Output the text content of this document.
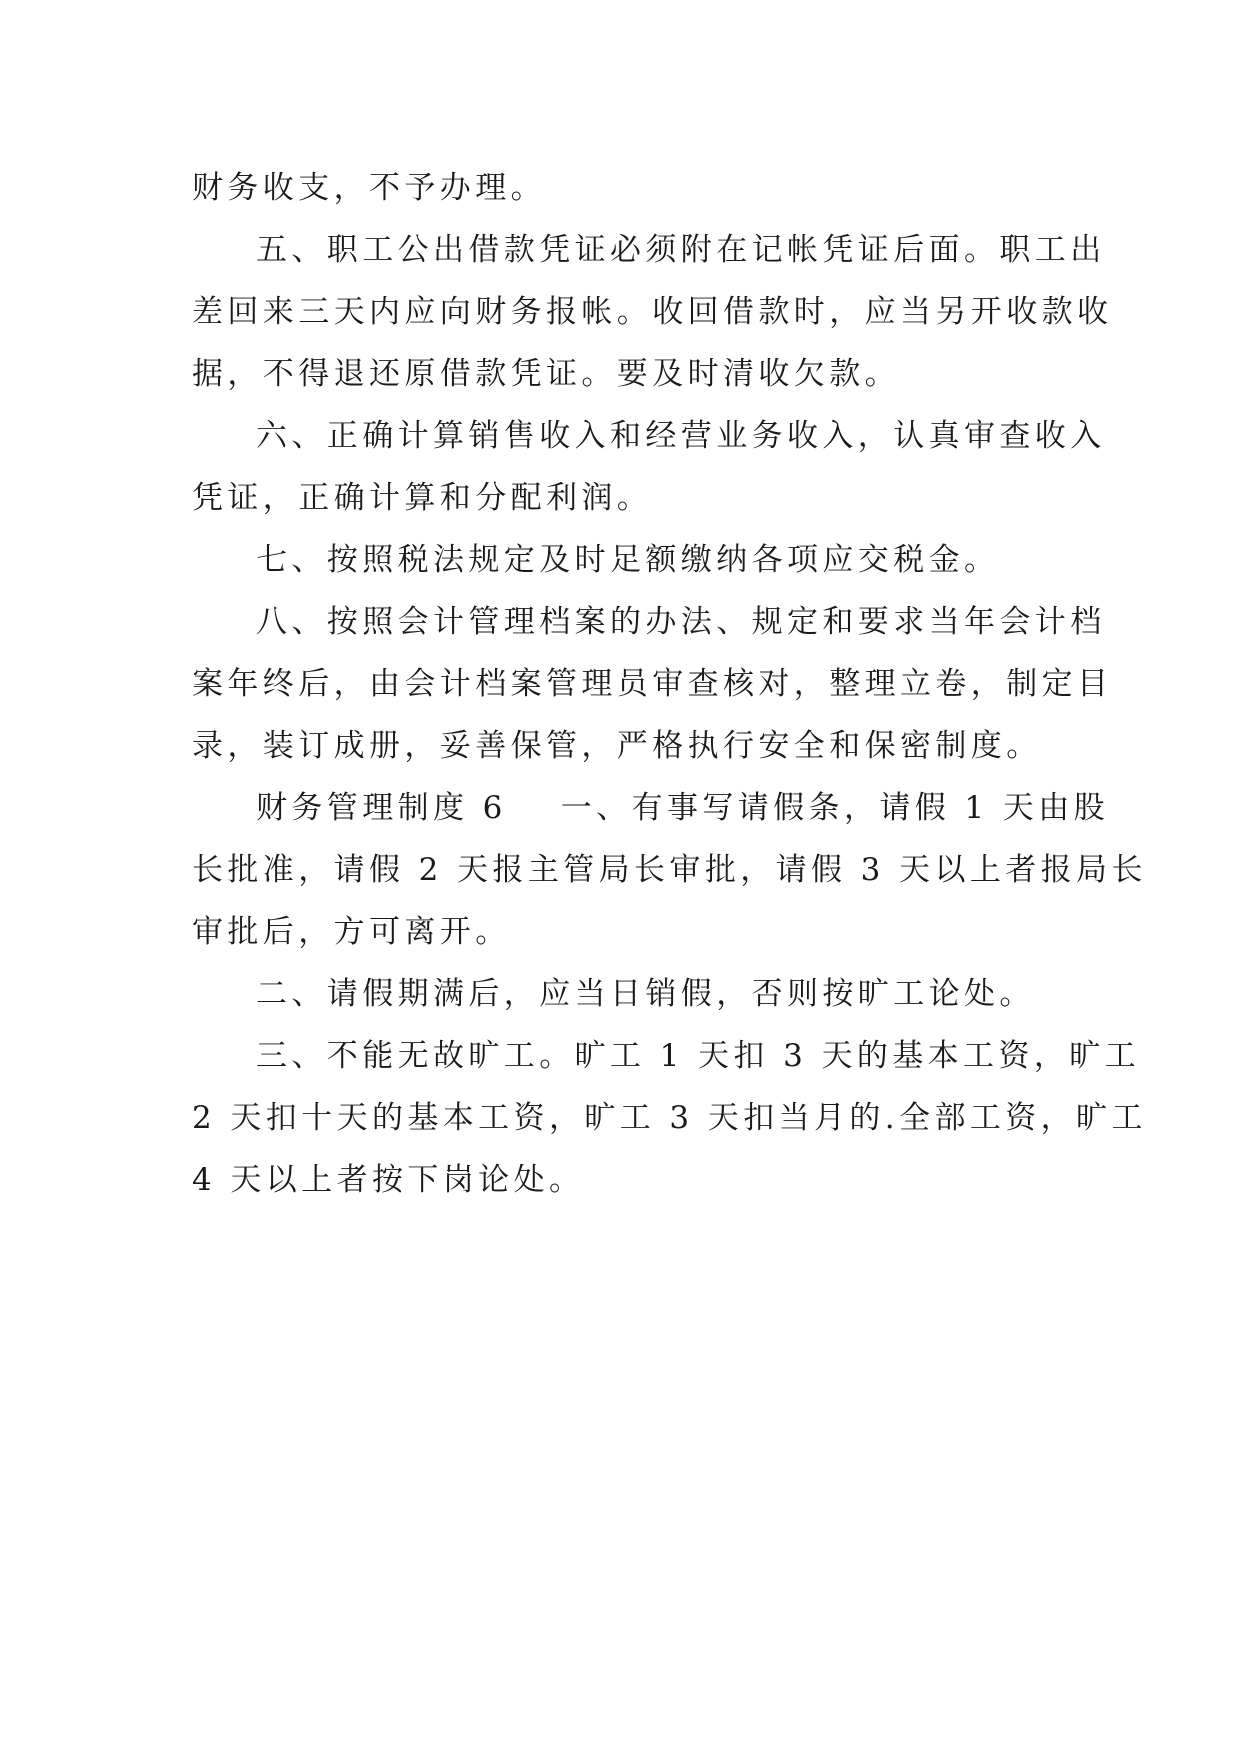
财务收支，不予办理。
五、职工公出借款凭证必须附在记帐凭证后面。职工出
差回来三天内应向财务报帐。收回借款时，应当另开收款收
据，不得退还原借款凭证。要及时清收欠款。
六、正确计算销售收入和经营业务收入，认真审查收入
凭证，正确计算和分配利润。
七、按照税法规定及时足额缴纳各项应交税金。
八、按照会计管理档案的办法、规定和要求当年会计档
案年终后，由会计档案管理员审查核对，整理立卷，制定目
录，装订成册，妥善保管，严格执行安全和保密制度。
财务管理制度 6 一、有事写请假条，请假 1 天由股
长批准，请假 2 天报主管局长审批，请假 3 天以上者报局长
审批后，方可离开。
二、请假期满后，应当日销假，否则按旷工论处。
三、不能无故旷工。旷工 1 天扣 3 天的基本工资，旷工
2 天扣十天的基本工资，旷工 3 天扣当月的.全部工资，旷工
4 天以上者按下岗论处。
